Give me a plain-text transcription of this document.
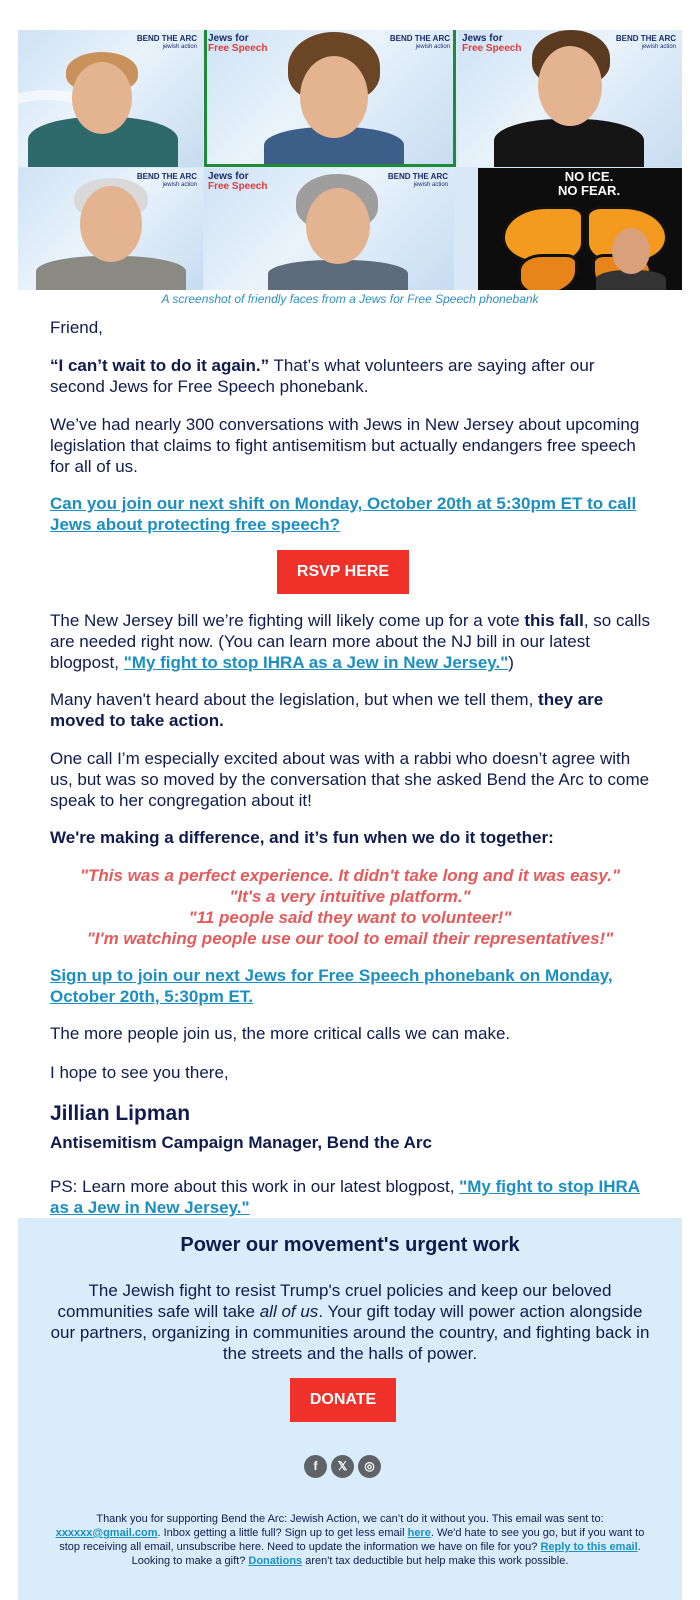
BEND THE ARC
jewish action
Jews for
Free Speech
BEND THE ARC
jewish action
Jews for
Free Speech
BEND THE ARC
jewish action
BEND THE ARC
jewish action
Jews for
Free Speech
BEND THE ARC
jewish action
NO ICE.
NO FEAR.
A screenshot of friendly faces from a Jews for Free Speech phonebank
Friend,

“I can’t wait to do it again.” That’s what volunteers are saying after our second Jews for Free Speech phonebank.

We’ve had nearly 300 conversations with Jews in New Jersey about upcoming legislation that claims to fight antisemitism but actually endangers free speech for all of us.
Can you join our next shift on Monday, October 20th at 5:30pm ET to call Jews about protecting free speech?
RSVP HERE

The New Jersey bill we’re fighting will likely come up for a vote this fall, so calls are needed right now. (You can learn more about the NJ bill in our latest blogpost, "My fight to stop IHRA as a Jew in New Jersey.")

Many haven't heard about the legislation, but when we tell them, they are moved to take action.

One call I’m especially excited about was with a rabbi who doesn’t agree with us, but was so moved by the conversation that she asked Bend the Arc to come speak to her congregation about it!
We're making a difference, and it’s fun when we do it together:
"This was a perfect experience. It didn't take long and it was easy."
"It's a very intuitive platform."
"11 people said they want to volunteer!"
"I'm watching people use our tool to email their representatives!"
Sign up to join our next Jews for Free Speech phonebank on Monday, October 20th, 5:30pm ET.
The more people join us, the more critical calls we can make.
I hope to see you there,
Jillian Lipman
Antisemitism Campaign Manager, Bend the Arc

PS: Learn more about this work in our latest blogpost, "My fight to stop IHRA as a Jew in New Jersey."

Power our movement's urgent work
The Jewish fight to resist Trump's cruel policies and keep our beloved communities safe will take all of us. Your gift today will power action alongside our partners, organizing in communities around the country, and fighting back in the streets and the halls of power.
DONATE
f	𝕏	◎
Thank you for supporting Bend the Arc: Jewish Action, we can’t do it without you. This email was sent to: xxxxxx@gmail.com. Inbox getting a little full? Sign up to get less email here. We'd hate to see you go, but if you want to stop receiving all email, unsubscribe here. Need to update the information we have on file for you? Reply to this email. Looking to make a gift? Donations aren't tax deductible but help make this work possible.
